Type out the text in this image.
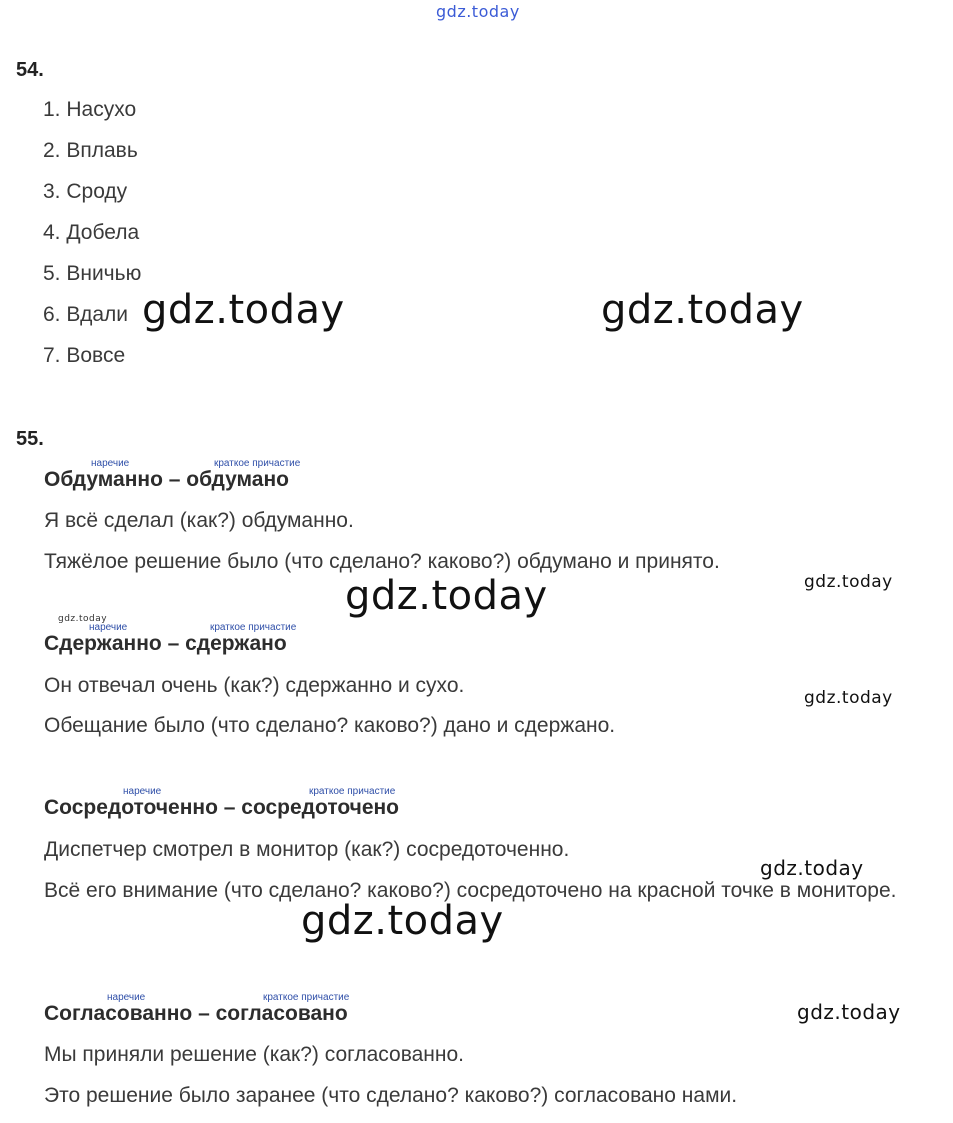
gdz.today
54.
1. Насухо
2. Вплавь
3. Сроду
4. Добела
5. Вничью
6. Вдали
7. Вовсе
gdz.today	gdz.today
55.
наречие	краткое причастие
Обдуманно – обдумано
Я всё сделал (как?) обдуманно.
Тяжёлое решение было (что сделано? каково?) обдумано и принято.
gdz.today
gdz.today
gdz.today
наречие	краткое причастие
Сдержанно – сдержано
Он отвечал очень (как?) сдержанно и сухо.
gdz.today
Обещание было (что сделано? каково?) дано и сдержано.
наречие	краткое причастие
Сосредоточенно – сосредоточено
Диспетчер смотрел в монитор (как?) сосредоточенно.
gdz.today
Всё его внимание (что сделано? каково?) сосредоточено на красной точке в мониторе.
gdz.today
наречие	краткое причастие
Согласованно – согласовано	gdz.today
Мы приняли решение (как?) согласованно.
Это решение было заранее (что сделано? каково?) согласовано нами.
